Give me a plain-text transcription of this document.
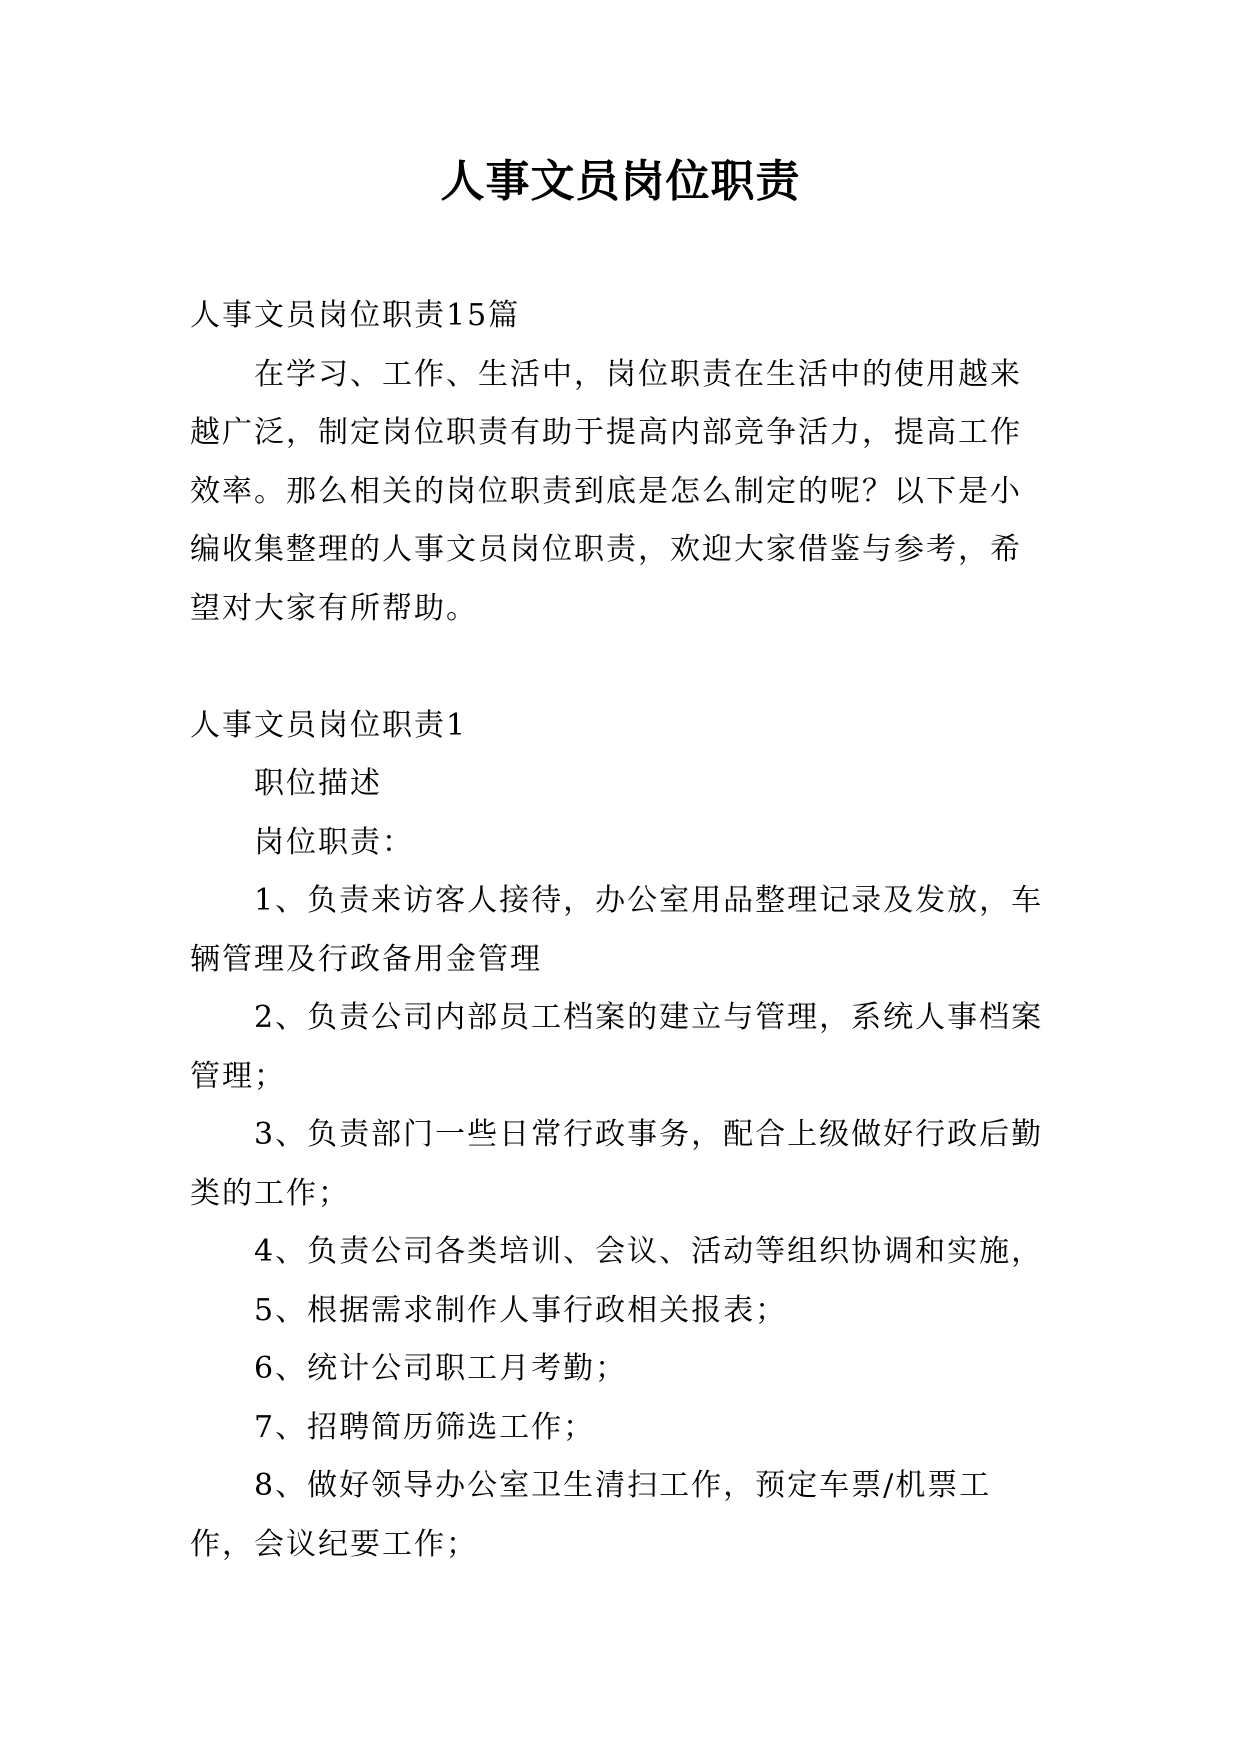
人事文员岗位职责

人事文员岗位职责15篇

在学习、工作、生活中，岗位职责在生活中的使用越来越广泛，制定岗位职责有助于提高内部竞争活力，提高工作效率。那么相关的岗位职责到底是怎么制定的呢？以下是小编收集整理的人事文员岗位职责，欢迎大家借鉴与参考，希望对大家有所帮助。

人事文员岗位职责1

职位描述

岗位职责：

1、负责来访客人接待，办公室用品整理记录及发放，车辆管理及行政备用金管理

2、负责公司内部员工档案的建立与管理，系统人事档案管理；

3、负责部门一些日常行政事务，配合上级做好行政后勤类的工作；

4、负责公司各类培训、会议、活动等组织协调和实施，

5、根据需求制作人事行政相关报表；

6、统计公司职工月考勤；

7、招聘简历筛选工作；

8、做好领导办公室卫生清扫工作，预定车票/机票工作，会议纪要工作；
